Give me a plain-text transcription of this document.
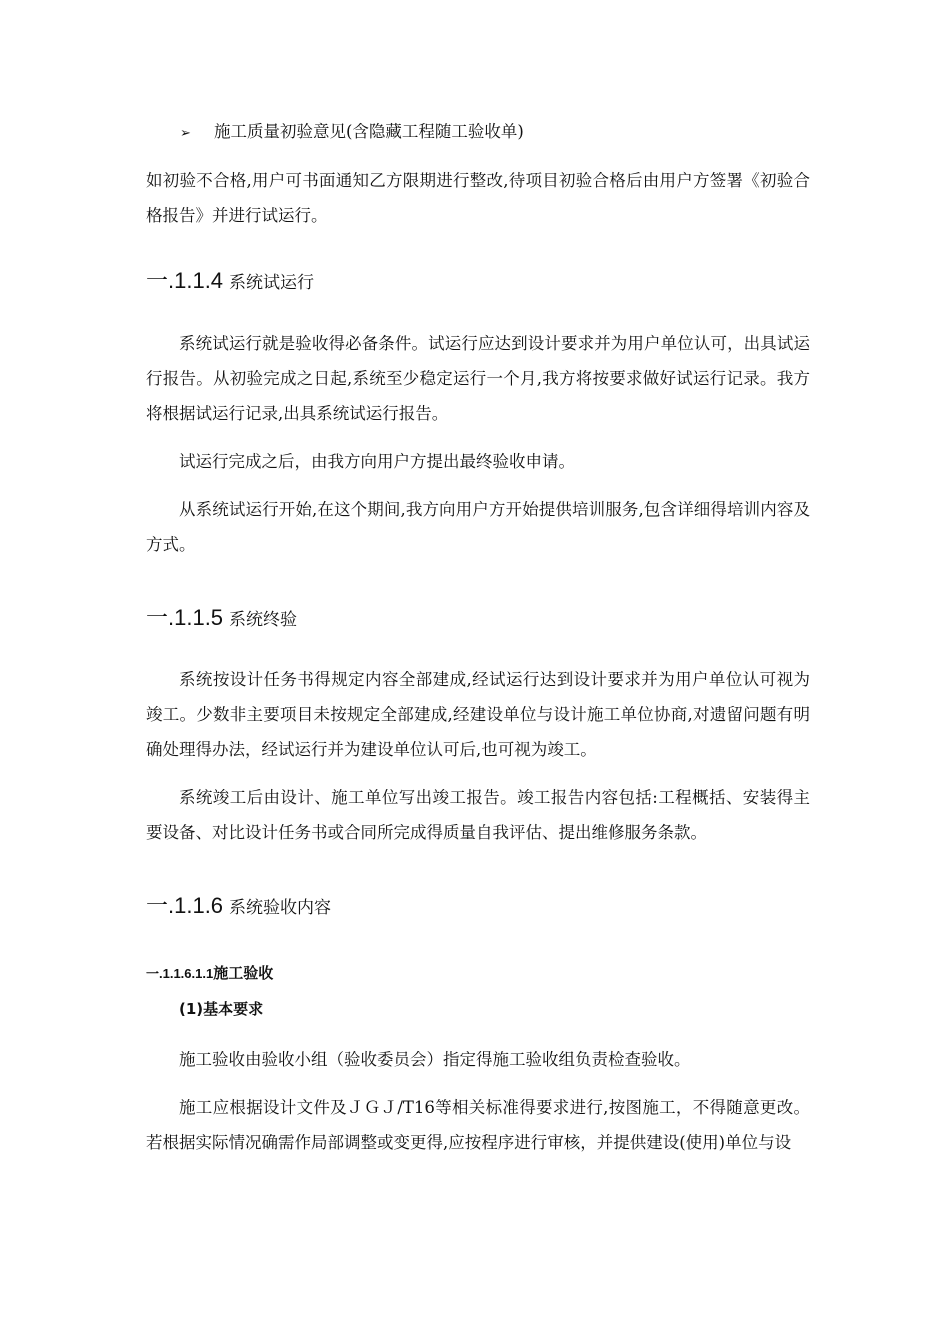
➢ 施工质量初验意见(含隐藏工程随工验收单)

如初验不合格,用户可书面通知乙方限期进行整改,待项目初验合格后由用户方签署《初验合格报告》并进行试运行。

一.1.1.4 系统试运行

系统试运行就是验收得必备条件。试运行应达到设计要求并为用户单位认可，出具试运行报告。从初验完成之日起,系统至少稳定运行一个月,我方将按要求做好试运行记录。我方将根据试运行记录,出具系统试运行报告。

试运行完成之后，由我方向用户方提出最终验收申请。

从系统试运行开始,在这个期间,我方向用户方开始提供培训服务,包含详细得培训内容及方式。

一.1.1.5 系统终验

系统按设计任务书得规定内容全部建成,经试运行达到设计要求并为用户单位认可视为竣工。少数非主要项目未按规定全部建成,经建设单位与设计施工单位协商,对遗留问题有明确处理得办法，经试运行并为建设单位认可后,也可视为竣工。

系统竣工后由设计、施工单位写出竣工报告。竣工报告内容包括:工程概括、安装得主要设备、对比设计任务书或合同所完成得质量自我评估、提出维修服务条款。

一.1.1.6 系统验收内容
一.1.1.6.1.1施工验收
(1)基本要求

施工验收由验收小组（验收委员会）指定得施工验收组负责检查验收。

施工应根据设计文件及ＪＧＪ/T16等相关标准得要求进行,按图施工，不得随意更改。若根据实际情况确需作局部调整或变更得,应按程序进行审核，并提供建设(使用)单位与设
